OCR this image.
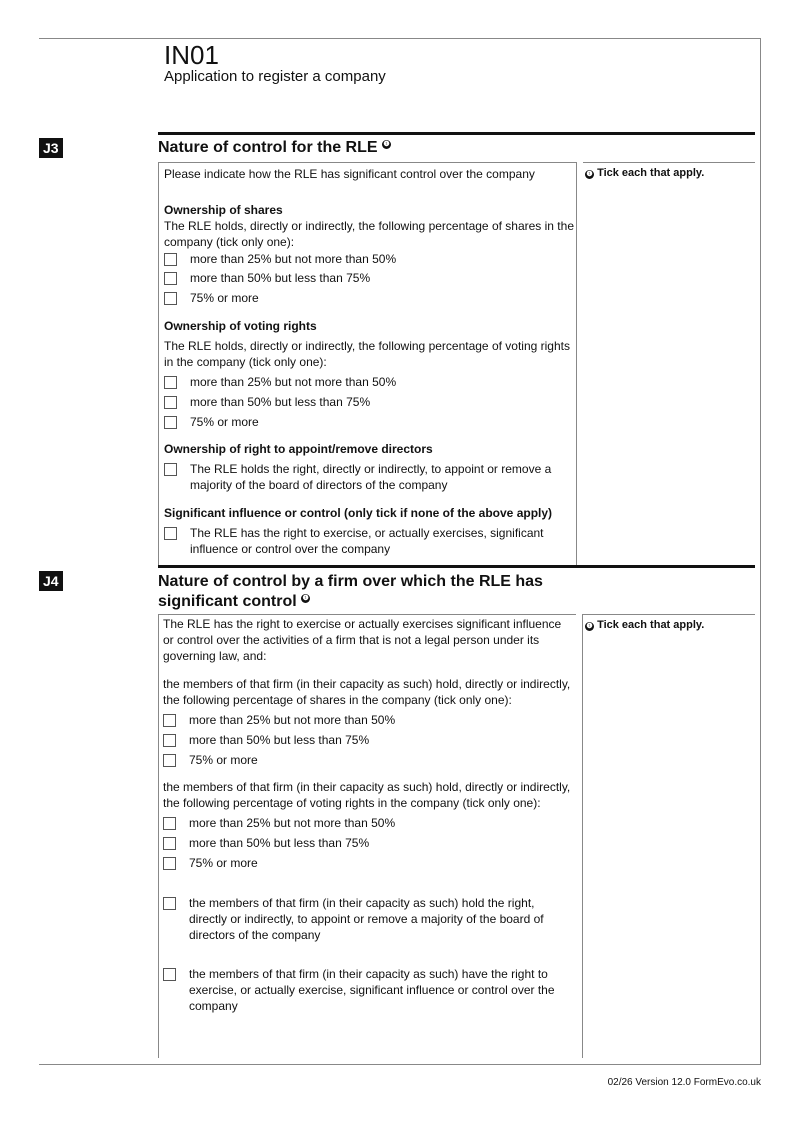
IN01
Application to register a company
J3	Nature of control for the RLE ❶
❶ Tick each that apply.
Please indicate how the RLE has significant control over the company
Ownership of shares
The RLE holds, directly or indirectly, the following percentage of shares in the company (tick only one):
more than 25% but not more than 50%
more than 50% but less than 75%
75% or more
Ownership of voting rights
The RLE holds, directly or indirectly, the following percentage of voting rights in the company (tick only one):
more than 25% but not more than 50%
more than 50% but less than 75%
75% or more
Ownership of right to appoint/remove directors
The RLE holds the right, directly or indirectly, to appoint or remove a majority of the board of directors of the company
Significant influence or control (only tick if none of the above apply)
The RLE has the right to exercise, or actually exercises, significant influence or control over the company
J4	Nature of control by a firm over which the RLE has
significant control ❶
❶ Tick each that apply.
The RLE has the right to exercise or actually exercises significant influence or control over the activities of a firm that is not a legal person under its governing law, and:
the members of that firm (in their capacity as such) hold, directly or indirectly, the following percentage of shares in the company (tick only one):
more than 25% but not more than 50%
more than 50% but less than 75%
75% or more
the members of that firm (in their capacity as such) hold, directly or indirectly, the following percentage of voting rights in the company (tick only one):
more than 25% but not more than 50%
more than 50% but less than 75%
75% or more
the members of that firm (in their capacity as such) hold the right, directly or indirectly, to appoint or remove a majority of the board of directors of the company
the members of that firm (in their capacity as such) have the right to exercise, or actually exercise, significant influence or control over the company
02/26 Version 12.0 FormEvo.co.uk
